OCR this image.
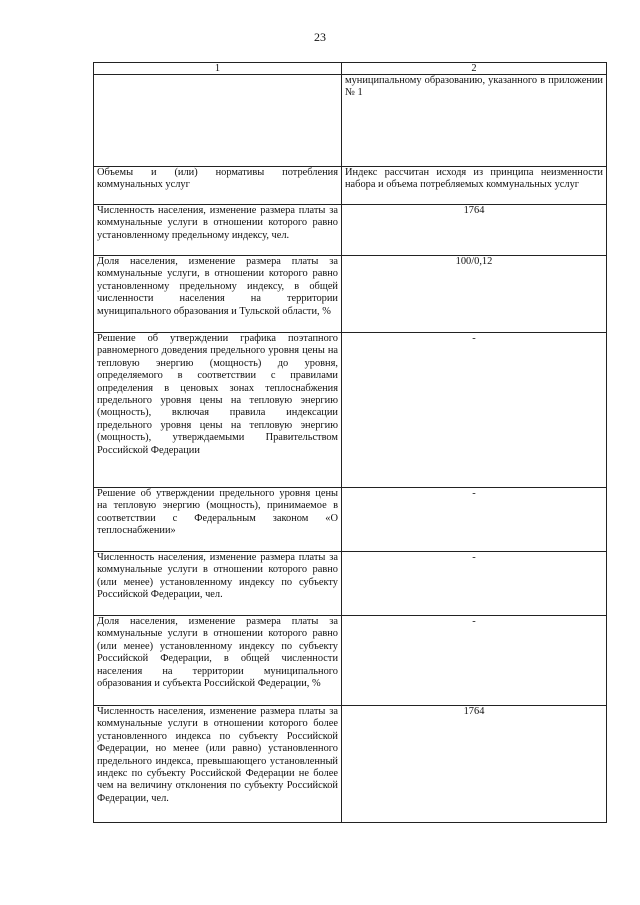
23
1	2
	муниципальному образованию, указанного в приложении № 1
Объемы и (или) нормативы потребления коммунальных услуг	Индекс рассчитан исходя из принципа неизменности набора и объема потребляемых коммунальных услуг
Численность населения, изменение размера платы за коммунальные услуги в отношении которого равно установленному предельному индексу, чел.	1764
Доля населения, изменение размера платы за коммунальные услуги, в отношении которого равно установленному предельному индексу, в общей численности населения на территории муниципального образования и Тульской области, %	100/0,12
Решение об утверждении графика поэтапного равномерного доведения предельного уровня цены на тепловую энергию (мощность) до уровня, определяемого в соответствии с правилами определения в ценовых зонах теплоснабжения предельного уровня цены на тепловую энергию (мощность), включая правила индексации предельного уровня цены на тепловую энергию (мощность), утверждаемыми Правительством Российской Федерации	-
Решение об утверждении предельного уровня цены на тепловую энергию (мощность), принимаемое в соответствии с Федеральным законом «О теплоснабжении»	-
Численность населения, изменение размера платы за коммунальные услуги в отношении которого равно (или менее) установленному индексу по субъекту Российской Федерации, чел.	-
Доля населения, изменение размера платы за коммунальные услуги в отношении которого равно (или менее) установленному индексу по субъекту Российской Федерации, в общей численности населения на территории муниципального образования и субъекта Российской Федерации, %	-
Численность населения, изменение размера платы за коммунальные услуги в отношении которого более установленного индекса по субъекту Российской Федерации, но менее (или равно) установленного предельного индекса, превышающего установленный индекс по субъекту Российской Федерации не более чем на величину отклонения по субъекту Российской Федерации, чел.	1764
